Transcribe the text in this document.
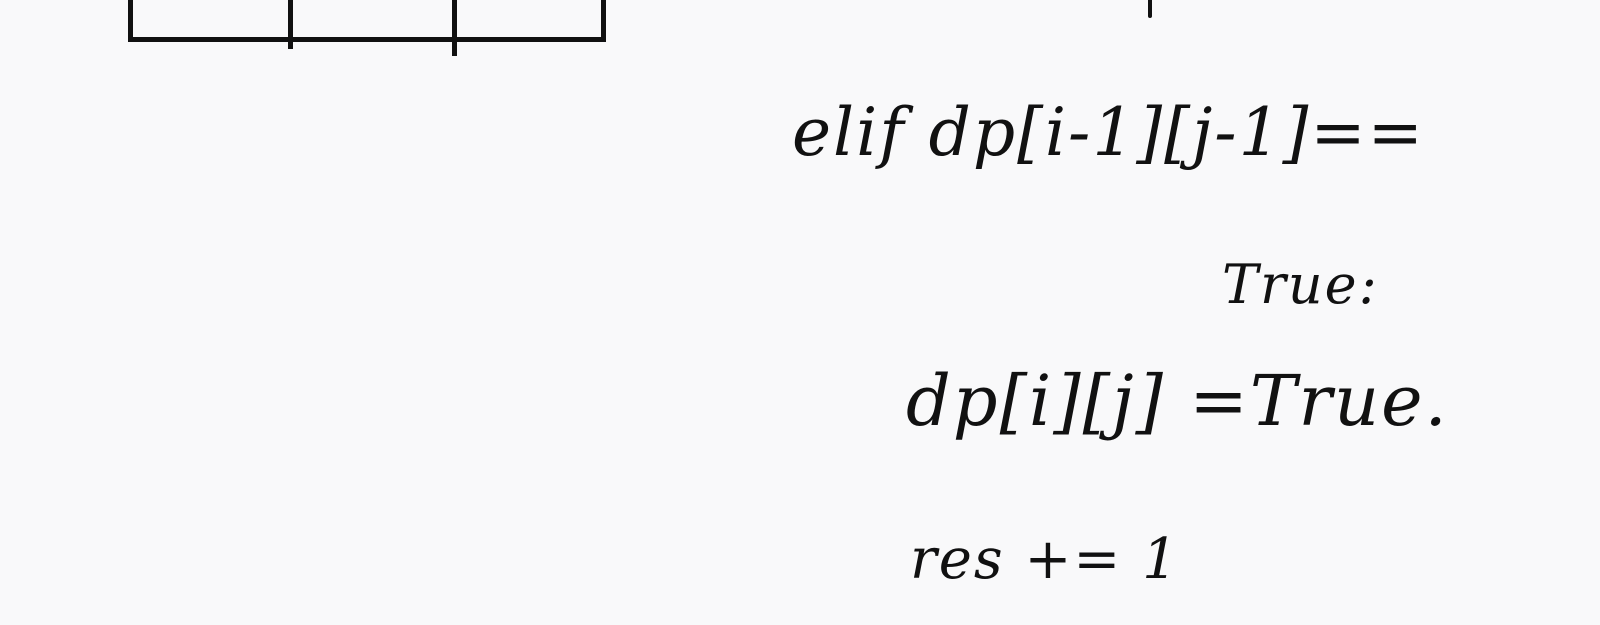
elif dp[i-1][j-1]==

True:

dp[i][j] =True.

res += 1
